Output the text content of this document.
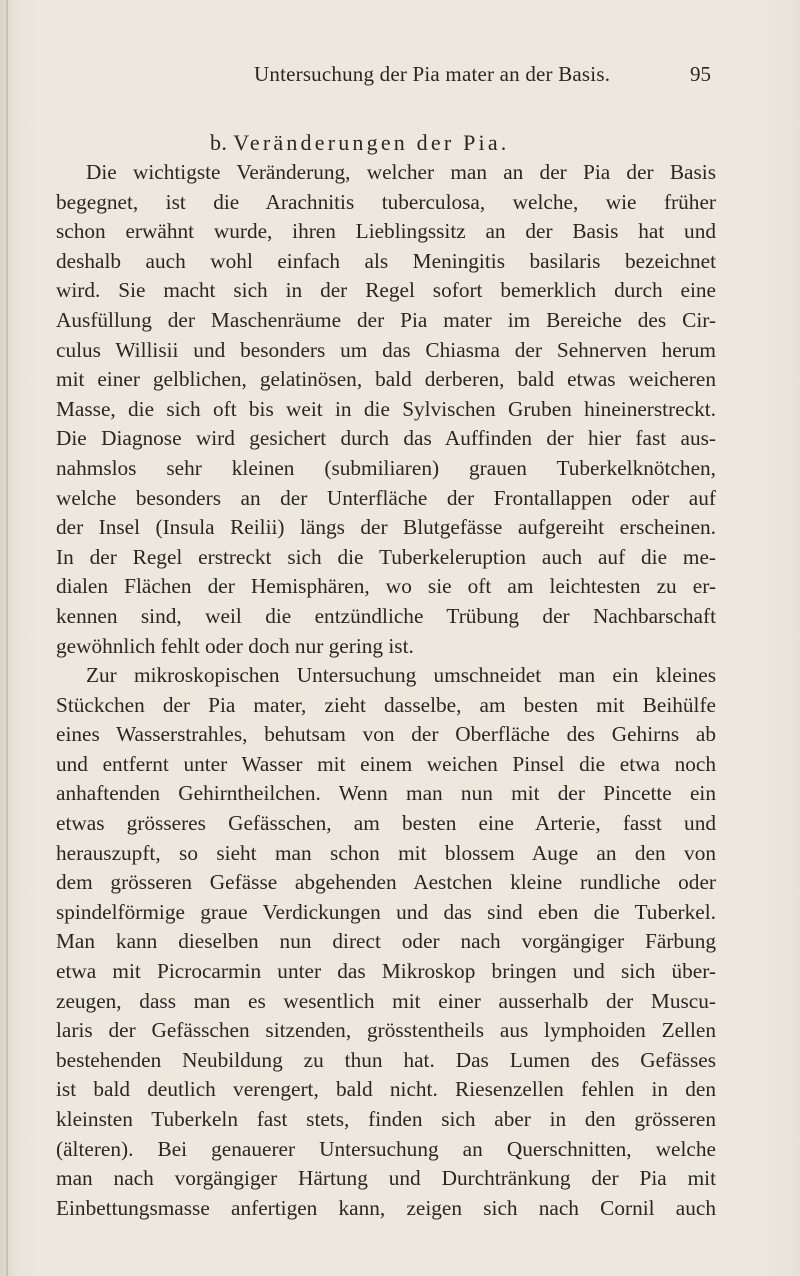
Untersuchung der Pia mater an der Basis.	95
b. Veränderungen der Pia.
Die wichtigste Veränderung, welcher man an der Pia der Basis
begegnet, ist die Arachnitis tuberculosa, welche, wie früher
schon erwähnt wurde, ihren Lieblingssitz an der Basis hat und
deshalb auch wohl einfach als Meningitis basilaris bezeichnet
wird. Sie macht sich in der Regel sofort bemerklich durch eine
Ausfüllung der Maschenräume der Pia mater im Bereiche des Cir-
culus Willisii und besonders um das Chiasma der Sehnerven herum
mit einer gelblichen, gelatinösen, bald derberen, bald etwas weicheren
Masse, die sich oft bis weit in die Sylvischen Gruben hineinerstreckt.
Die Diagnose wird gesichert durch das Auffinden der hier fast aus-
nahmslos sehr kleinen (submiliaren) grauen Tuberkelknötchen,
welche besonders an der Unterfläche der Frontallappen oder auf
der Insel (Insula Reilii) längs der Blutgefässe aufgereiht erscheinen.
In der Regel erstreckt sich die Tuberkeleruption auch auf die me-
dialen Flächen der Hemisphären, wo sie oft am leichtesten zu er-
kennen sind, weil die entzündliche Trübung der Nachbarschaft
gewöhnlich fehlt oder doch nur gering ist.
Zur mikroskopischen Untersuchung umschneidet man ein kleines
Stückchen der Pia mater, zieht dasselbe, am besten mit Beihülfe
eines Wasserstrahles, behutsam von der Oberfläche des Gehirns ab
und entfernt unter Wasser mit einem weichen Pinsel die etwa noch
anhaftenden Gehirntheilchen. Wenn man nun mit der Pincette ein
etwas grösseres Gefässchen, am besten eine Arterie, fasst und
herauszupft, so sieht man schon mit blossem Auge an den von
dem grösseren Gefässe abgehenden Aestchen kleine rundliche oder
spindelförmige graue Verdickungen und das sind eben die Tuberkel.
Man kann dieselben nun direct oder nach vorgängiger Färbung
etwa mit Picrocarmin unter das Mikroskop bringen und sich über-
zeugen, dass man es wesentlich mit einer ausserhalb der Muscu-
laris der Gefässchen sitzenden, grösstentheils aus lymphoiden Zellen
bestehenden Neubildung zu thun hat. Das Lumen des Gefässes
ist bald deutlich verengert, bald nicht. Riesenzellen fehlen in den
kleinsten Tuberkeln fast stets, finden sich aber in den grösseren
(älteren). Bei genauerer Untersuchung an Querschnitten, welche
man nach vorgängiger Härtung und Durchtränkung der Pia mit
Einbettungsmasse anfertigen kann, zeigen sich nach Cornil auch
